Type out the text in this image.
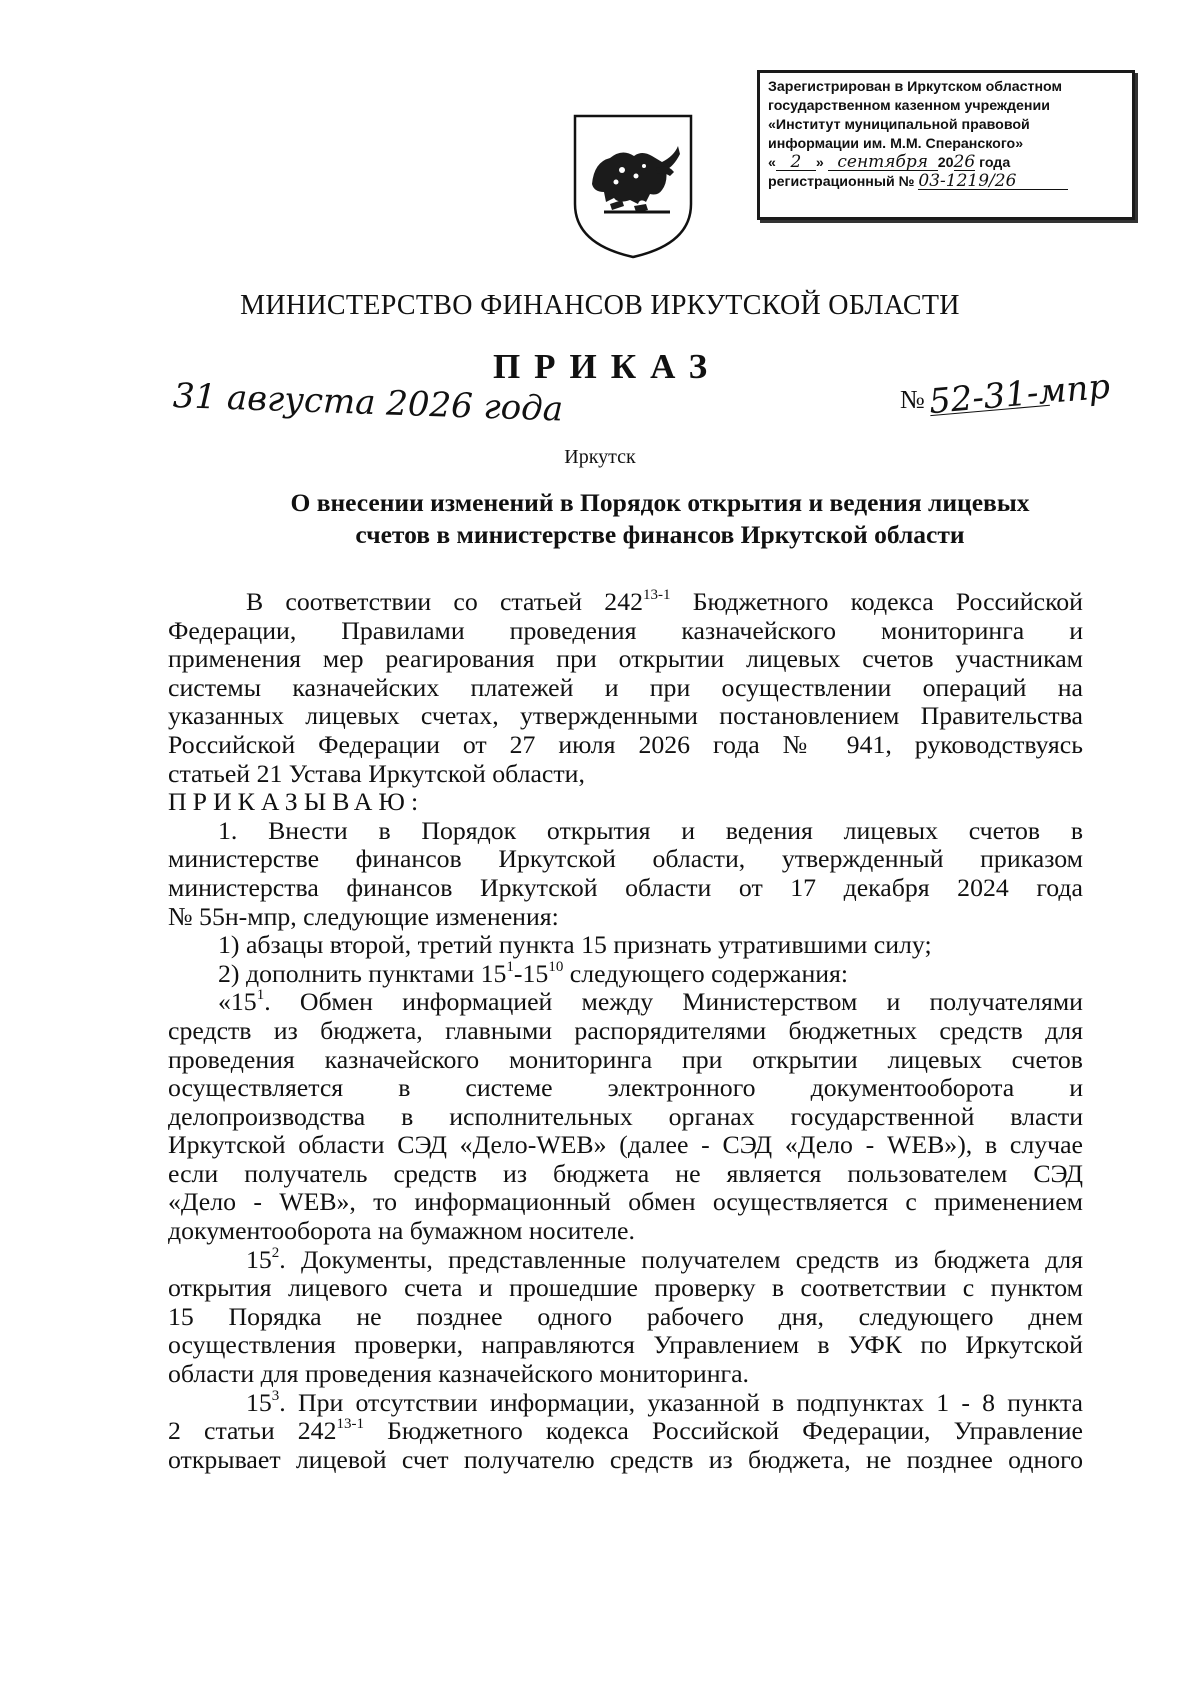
Зарегистрирован в Иркутском областном
государственном казенном учреждении
«Институт муниципальной правовой
информации им. М.М. Сперанского»
« 2 » сентября 2026 года
регистрационный № 03-1219/26
МИНИСТЕРСТВО ФИНАНСОВ ИРКУТСКОЙ ОБЛАСТИ
ПРИКАЗ
31 августа 2026 года	№52-31-мпр
Иркутск
О внесении изменений в Порядок открытия и ведения лицевых
счетов в министерстве финансов Иркутской области

В соответствии со статьей 242$^{13-1}$ Бюджетного кодекса Российской

Федерации, Правилами проведения казначейского мониторинга и

применения мер реагирования при открытии лицевых счетов участникам

системы казначейских платежей и при осуществлении операций на

указанных лицевых счетах, утвержденными постановлением Правительства

Российской Федерации от 27 июля 2026 года № 941, руководствуясь

статьей 21 Устава Иркутской области,

ПРИКАЗЫВАЮ:

1. Внести в Порядок открытия и ведения лицевых счетов в

министерстве финансов Иркутской области, утвержденный приказом

министерства финансов Иркутской области от 17 декабря 2024 года

№ 55н-мпр, следующие изменения:

1) абзацы второй, третий пункта 15 признать утратившими силу;

2) дополнить пунктами $15^1-15^{10}$ следующего содержания:

«$15^1$. Обмен информацией между Министерством и получателями

средств из бюджета, главными распорядителями бюджетных средств для

проведения казначейского мониторинга при открытии лицевых счетов

осуществляется в системе электронного документооборота и

делопроизводства в исполнительных органах государственной власти

Иркутской области СЭД «Дело-WEB» (далее - СЭД «Дело - WEB»), в случае

если получатель средств из бюджета не является пользователем СЭД

«Дело - WEB», то информационный обмен осуществляется с применением

документооборота на бумажном носителе.

$15^2$. Документы, представленные получателем средств из бюджета для

открытия лицевого счета и прошедшие проверку в соответствии с пунктом

15 Порядка не позднее одного рабочего дня, следующего днем

осуществления проверки, направляются Управлением в УФК по Иркутской

области для проведения казначейского мониторинга.

$15^3$. При отсутствии информации, указанной в подпунктах 1 - 8 пункта

2 статьи 242$^{13-1}$ Бюджетного кодекса Российской Федерации, Управление

открывает лицевой счет получателю средств из бюджета, не позднее одного
